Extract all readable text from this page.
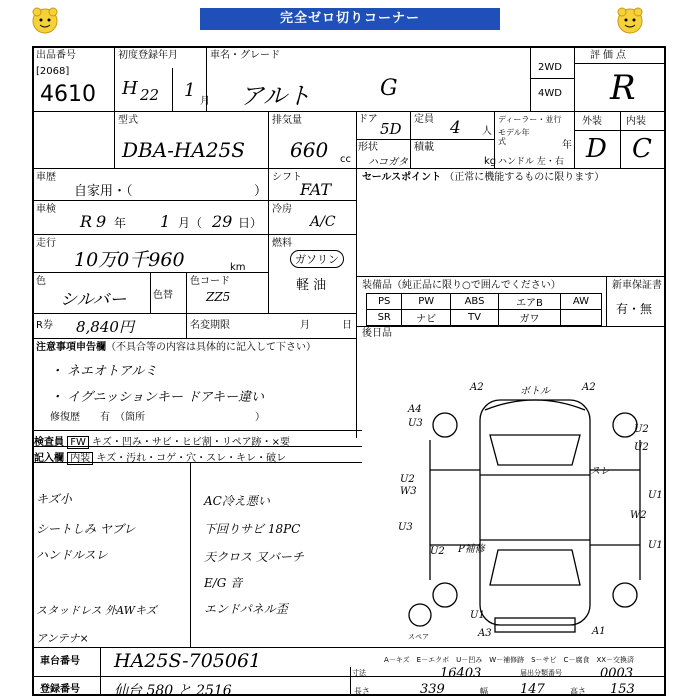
完全ゼロ切りコーナー
出品番号
[2068]
4610
初度登録年月
H 22 1
月
車名・グレード
アルト	G
2WD
4WD
評価点
R
型式
DBA-HA25S
排気量
660 cc
ドア
5D
定員 4 人
形状
ハコガタ
積載
kg
ディーラー・並行
モデル年式	年
ハンドル 左・右
外装 内装
D C
車歴
自家用・（	）
シフト
FAT
車検
R 9 年 1 月（ 29 日）
冷房
A/C
走行
10万0千960	km
燃料
ガソリン
軽 油
色
シルバー	色替
色コード
ZZ5
R券 8,840円	名変期限	月	日
注意事項申告欄（不具合等の内容は具体的に記入して下さい）
・ ネエオトアルミ
・ イグニッションキー ドアキー違い
修復歴　　 有　（箇所　　　　　　　　　　　）
セールスポイント （正常に機能するものに限ります）
装備品（純正品に限り○で囲んでください）	新車保証書
有・無
PS	PW	ABS	エアB	AW
SR	ナビ	TV	ガワ	
後日品
検査員 FW キズ・凹み・サビ・ヒビ割・リペア跡・×要
記入欄 内装 キズ・汚れ・コゲ・穴・スレ・キレ・破レ
キズ小
シートしみ ヤブレ
ハンドルスレ
スタッドレス 外AWキズ
アンテナ×
AC冷え悪い
下回りサビ 18PC
天クロス 又バーチ
E/G 音
エンドパネル歪
A2	ボトル	A2
A4
U3
U2
U2
スレ
U1
W2
U1
U2
W3
U2
U3
P補修
U1
A3	A1
スペア
A－キズ　E－エクボ　U－凹み　W－補修跡　S－サビ　C－腐食　XX－交換済
車台番号 HA25S-705061
登録番号 仙台 580 と 2516
寸法	16403	届出分類番号	0003
長さ	339	幅 147	高さ 153
